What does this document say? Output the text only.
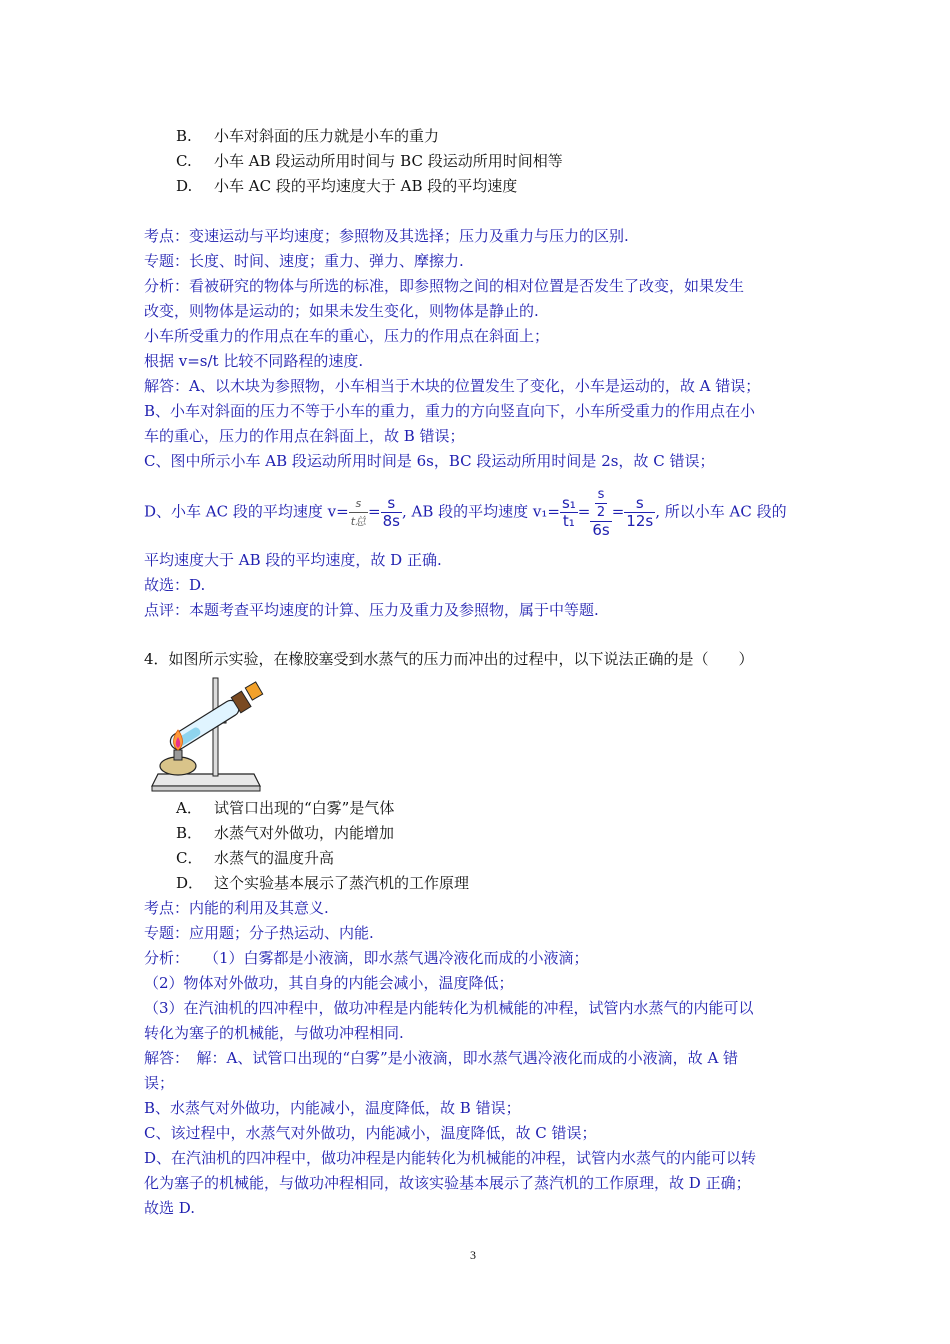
B. 小车对斜面的压力就是小车的重力
C. 小车 AB 段运动所用时间与 BC 段运动所用时间相等
D. 小车 AC 段的平均速度大于 AB 段的平均速度
考点：变速运动与平均速度；参照物及其选择；压力及重力与压力的区别.
专题：长度、时间、速度；重力、弹力、摩擦力.
分析：看被研究的物体与所选的标准，即参照物之间的相对位置是否发生了改变，如果发生
改变，则物体是运动的；如果未发生变化，则物体是静止的.
小车所受重力的作用点在车的重心，压力的作用点在斜面上；
根据 v=s/t 比较不同路程的速度.
解答：A、以木块为参照物，小车相当于木块的位置发生了变化，小车是运动的，故 A 错误；
B、小车对斜面的压力不等于小车的重力，重力的方向竖直向下，小车所受重力的作用点在小
车的重心，压力的作用点在斜面上，故 B 错误；
C、图中所示小车 AB 段运动所用时间是 6s，BC 段运动所用时间是 2s，故 C 错误；
D、小车 AC 段的平均速度 $v= \frac{s}{\text{t总}} = \frac{s}{8s}$ , AB 段的平均速度 $v_1= \frac{\text{s₁}}{\text{t₁}} = \frac{\frac{s}{2}}{6s} = \frac{s}{12s}$ , 所以小车 AC 段的
平均速度大于 AB 段的平均速度，故 D 正确.
故选：D.
点评：本题考查平均速度的计算、压力及重力及参照物，属于中等题.
4．如图所示实验，在橡胶塞受到水蒸气的压力而冲出的过程中，以下说法正确的是（　　）
A． 试管口出现的“白雾”是气体
B． 水蒸气对外做功，内能增加
C． 水蒸气的温度升高
D． 这个实验基本展示了蒸汽机的工作原理
考点：内能的利用及其意义.
专题：应用题；分子热运动、内能.
分析：　　（1）白雾都是小液滴，即水蒸气遇冷液化而成的小液滴；
（2）物体对外做功，其自身的内能会减小，温度降低；
（3）在汽油机的四冲程中，做功冲程是内能转化为机械能的冲程，试管内水蒸气的内能可以
转化为塞子的机械能，与做功冲程相同.
解答：　解：A、试管口出现的“白雾”是小液滴，即水蒸气遇冷液化而成的小液滴，故 A 错
误；
B、水蒸气对外做功，内能减小，温度降低，故 B 错误；
C、该过程中，水蒸气对外做功，内能减小，温度降低，故 C 错误；
D、在汽油机的四冲程中，做功冲程是内能转化为机械能的冲程，试管内水蒸气的内能可以转
化为塞子的机械能，与做功冲程相同，故该实验基本展示了蒸汽机的工作原理，故 D 正确；
故选 D.
3
